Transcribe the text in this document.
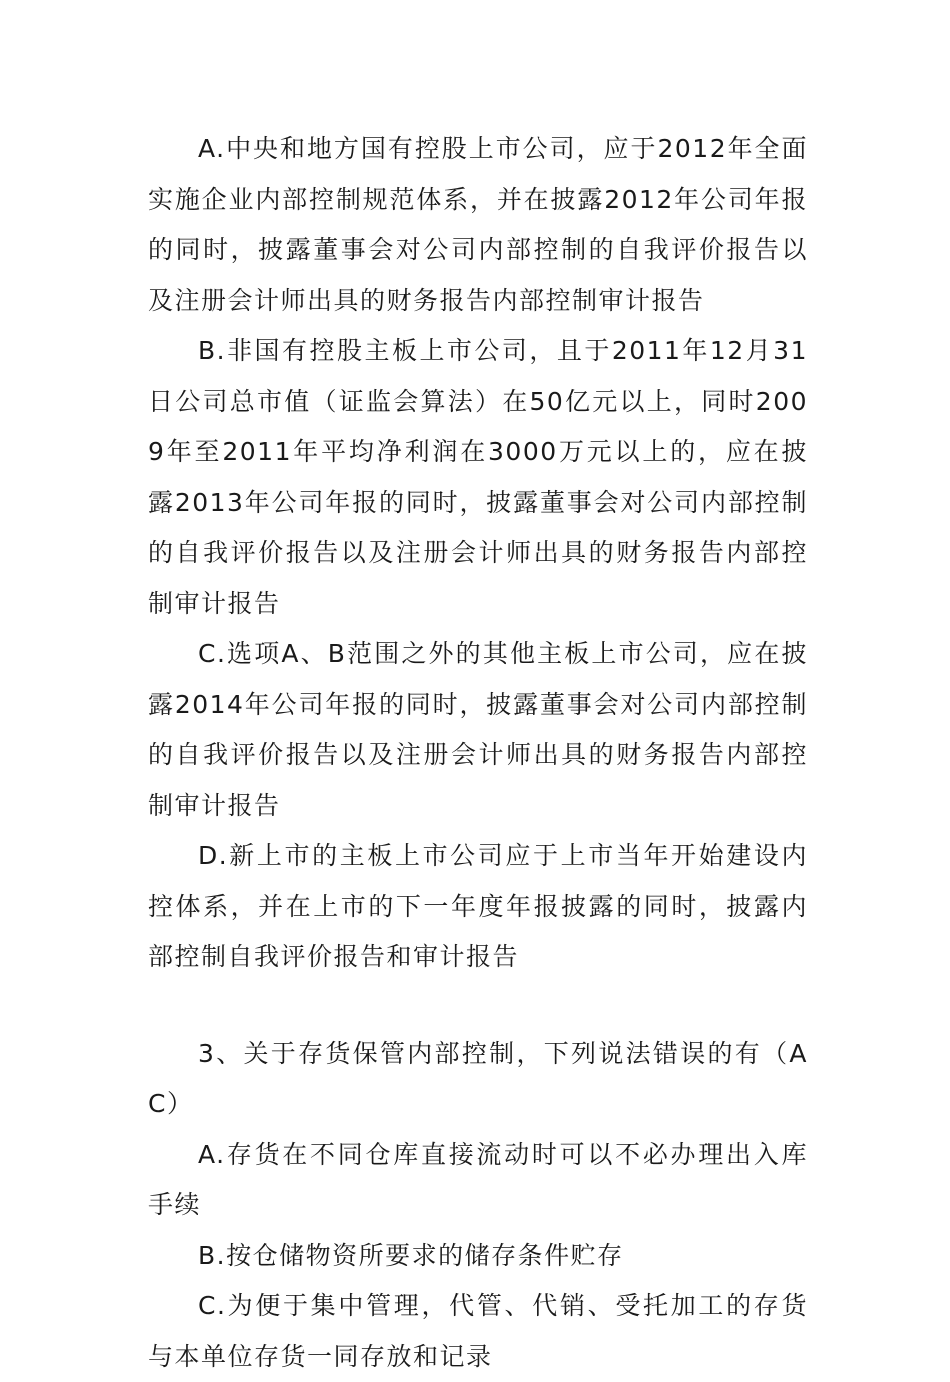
A.中央和地方国有控股上市公司，应于2012年全面实施企业内部控制规范体系，并在披露2012年公司年报的同时，披露董事会对公司内部控制的自我评价报告以及注册会计师出具的财务报告内部控制审计报告

B.非国有控股主板上市公司，且于2011年12月31日公司总市值（证监会算法）在50亿元以上，同时2009年至2011年平均净利润在3000万元以上的，应在披露2013年公司年报的同时，披露董事会对公司内部控制的自我评价报告以及注册会计师出具的财务报告内部控制审计报告

C.选项A、B范围之外的其他主板上市公司，应在披露2014年公司年报的同时，披露董事会对公司内部控制的自我评价报告以及注册会计师出具的财务报告内部控制审计报告

D.新上市的主板上市公司应于上市当年开始建设内控体系，并在上市的下一年度年报披露的同时，披露内部控制自我评价报告和审计报告

3、关于存货保管内部控制，下列说法错误的有（AC）

A.存货在不同仓库直接流动时可以不必办理出入库手续

B.按仓储物资所要求的储存条件贮存

C.为便于集中管理，代管、代销、受托加工的存货与本单位存货一同存放和记录
